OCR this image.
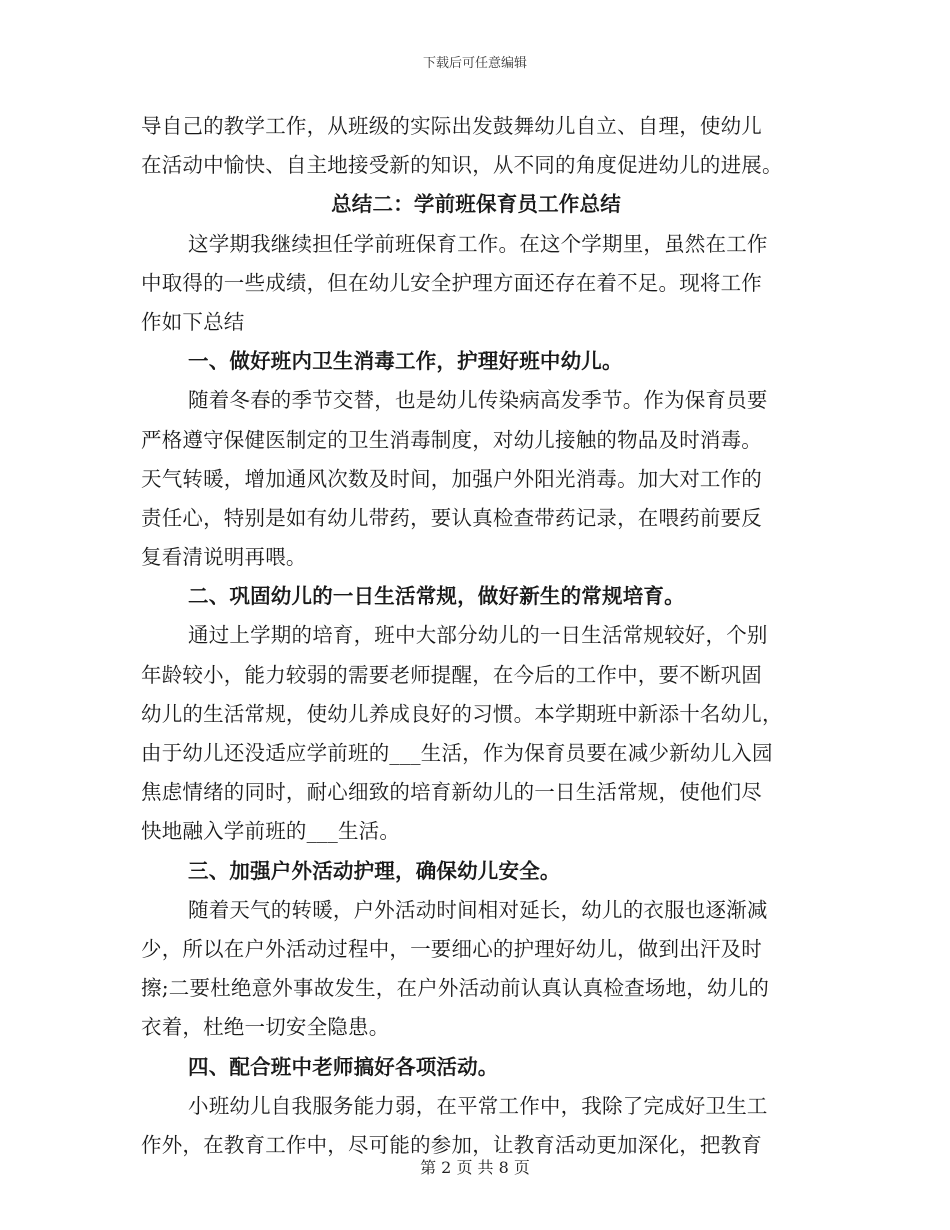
下载后可任意编辑
导自己的教学工作，从班级的实际出发鼓舞幼儿自立、自理，使幼儿
在活动中愉快、自主地接受新的知识，从不同的角度促进幼儿的进展。
总结二：学前班保育员工作总结
这学期我继续担任学前班保育工作。在这个学期里，虽然在工作
中取得的一些成绩，但在幼儿安全护理方面还存在着不足。现将工作
作如下总结
一、做好班内卫生消毒工作，护理好班中幼儿。
随着冬春的季节交替，也是幼儿传染病高发季节。作为保育员要
严格遵守保健医制定的卫生消毒制度，对幼儿接触的物品及时消毒。
天气转暖，增加通风次数及时间，加强户外阳光消毒。加大对工作的
责任心，特别是如有幼儿带药，要认真检查带药记录，在喂药前要反
复看清说明再喂。
二、巩固幼儿的一日生活常规，做好新生的常规培育。
通过上学期的培育，班中大部分幼儿的一日生活常规较好，个别
年龄较小，能力较弱的需要老师提醒，在今后的工作中，要不断巩固
幼儿的生活常规，使幼儿养成良好的习惯。本学期班中新添十名幼儿，
由于幼儿还没适应学前班的___生活，作为保育员要在减少新幼儿入园
焦虑情绪的同时，耐心细致的培育新幼儿的一日生活常规，使他们尽
快地融入学前班的___生活。
三、加强户外活动护理，确保幼儿安全。
随着天气的转暖，户外活动时间相对延长，幼儿的衣服也逐渐减
少，所以在户外活动过程中，一要细心的护理好幼儿，做到出汗及时
擦;二要杜绝意外事故发生，在户外活动前认真认真检查场地，幼儿的
衣着，杜绝一切安全隐患。
四、配合班中老师搞好各项活动。
小班幼儿自我服务能力弱，在平常工作中，我除了完成好卫生工
作外，在教育工作中，尽可能的参加，让教育活动更加深化，把教育
第 2 页 共 8 页
